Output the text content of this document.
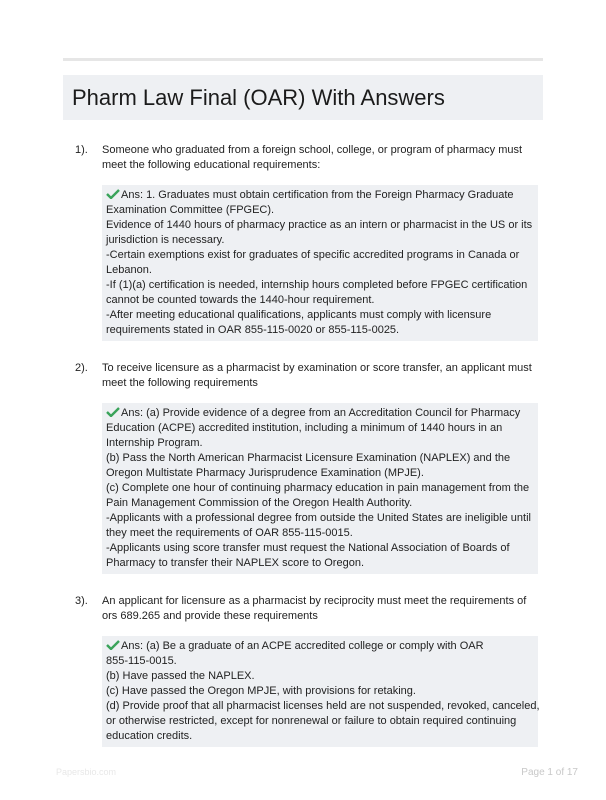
Pharm Law Final (OAR) With Answers
1). Someone who graduated from a foreign school, college, or program of pharmacy must meet the following educational requirements:
Ans: 1. Graduates must obtain certification from the Foreign Pharmacy Graduate
Examination Committee (FPGEC).
Evidence of 1440 hours of pharmacy practice as an intern or pharmacist in the US or its
jurisdiction is necessary.
-Certain exemptions exist for graduates of specific accredited programs in Canada or
Lebanon.
-If (1)(a) certification is needed, internship hours completed before FPGEC certification
cannot be counted towards the 1440-hour requirement.
-After meeting educational qualifications, applicants must comply with licensure
requirements stated in OAR 855-115-0020 or 855-115-0025.
2). To receive licensure as a pharmacist by examination or score transfer, an applicant must meet the following requirements
Ans: (a) Provide evidence of a degree from an Accreditation Council for Pharmacy
Education (ACPE) accredited institution, including a minimum of 1440 hours in an
Internship Program.
(b) Pass the North American Pharmacist Licensure Examination (NAPLEX) and the
Oregon Multistate Pharmacy Jurisprudence Examination (MPJE).
(c) Complete one hour of continuing pharmacy education in pain management from the
Pain Management Commission of the Oregon Health Authority.
-Applicants with a professional degree from outside the United States are ineligible until
they meet the requirements of OAR 855-115-0015.
-Applicants using score transfer must request the National Association of Boards of
Pharmacy to transfer their NAPLEX score to Oregon.
3). An applicant for licensure as a pharmacist by reciprocity must meet the requirements of ors 689.265 and provide these requirements
Ans: (a) Be a graduate of an ACPE accredited college or comply with OAR
855-115-0015.
(b) Have passed the NAPLEX.
(c) Have passed the Oregon MPJE, with provisions for retaking.
(d) Provide proof that all pharmacist licenses held are not suspended, revoked, canceled,
or otherwise restricted, except for nonrenewal or failure to obtain required continuing
education credits.
Papersbio.com	Page 1 of 17
